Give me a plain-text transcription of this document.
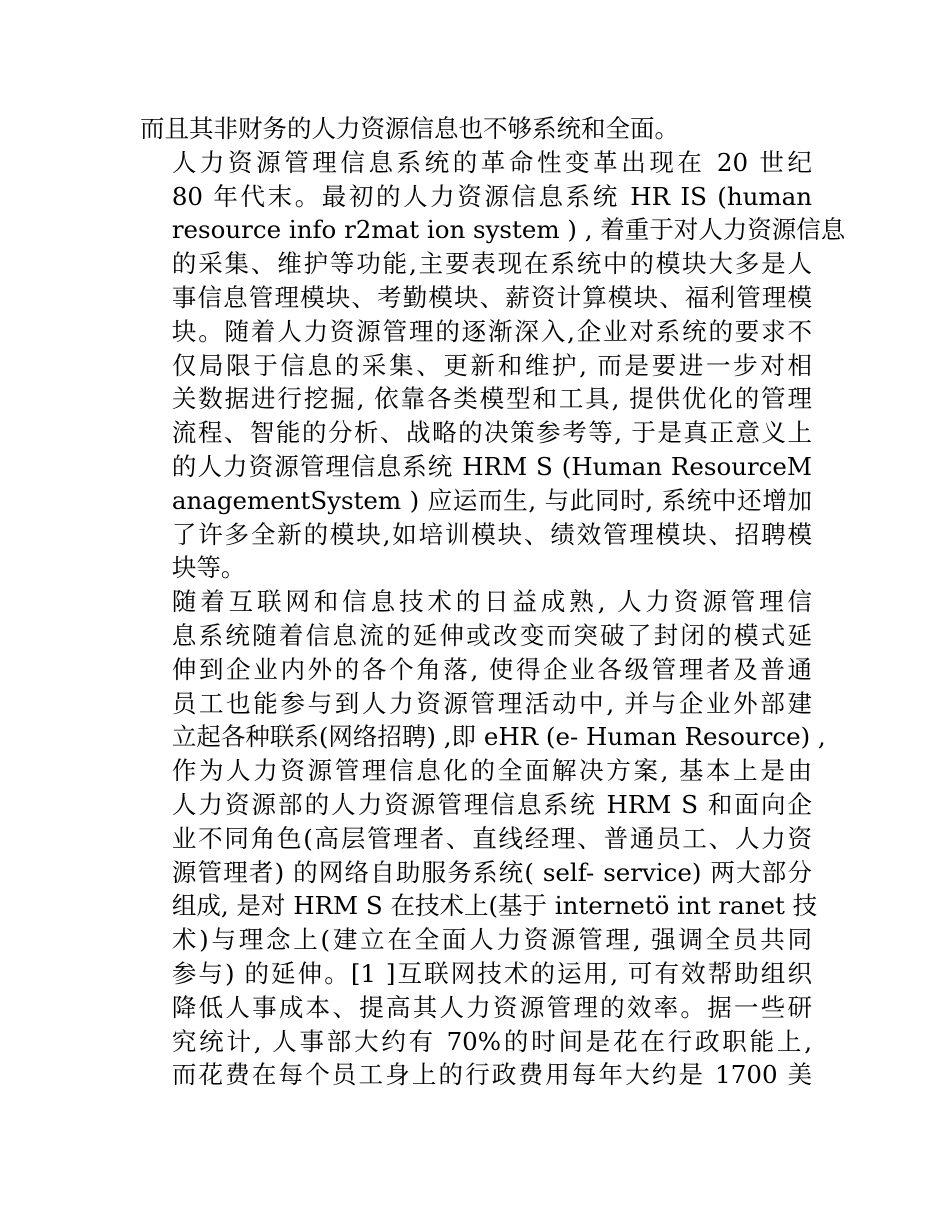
而且其非财务的人力资源信息也不够系统和全面。
人力资源管理信息系统的革命性变革出现在 20 世纪
80 年代末。最初的人力资源信息系统 HR IS (human
resource info r2mat ion system ) , 着重于对人力资源信息
的采集、维护等功能,主要表现在系统中的模块大多是人
事信息管理模块、考勤模块、薪资计算模块、福利管理模
块。随着人力资源管理的逐渐深入,企业对系统的要求不
仅局限于信息的采集、更新和维护, 而是要进一步对相
关数据进行挖掘, 依靠各类模型和工具, 提供优化的管理
流程、智能的分析、战略的决策参考等, 于是真正意义上
的人力资源管理信息系统 HRM S (Human ResourceM
anagementSystem ) 应运而生, 与此同时, 系统中还增加
了许多全新的模块,如培训模块、绩效管理模块、招聘模
块等。
随着互联网和信息技术的日益成熟, 人力资源管理信
息系统随着信息流的延伸或改变而突破了封闭的模式延
伸到企业内外的各个角落, 使得企业各级管理者及普通
员工也能参与到人力资源管理活动中, 并与企业外部建
立起各种联系(网络招聘) ,即 eHR (e- Human Resource) ,
作为人力资源管理信息化的全面解决方案, 基本上是由
人力资源部的人力资源管理信息系统 HRM S 和面向企
业不同角色(高层管理者、直线经理、普通员工、人力资
源管理者) 的网络自助服务系统( self- service) 两大部分
组成, 是对 HRM S 在技术上(基于 internetö int ranet 技
术)与理念上(建立在全面人力资源管理, 强调全员共同
参与) 的延伸。[1 ]互联网技术的运用, 可有效帮助组织
降低人事成本、提高其人力资源管理的效率。据一些研
究统计, 人事部大约有 70%的时间是花在行政职能上,
而花费在每个员工身上的行政费用每年大约是 1700 美
